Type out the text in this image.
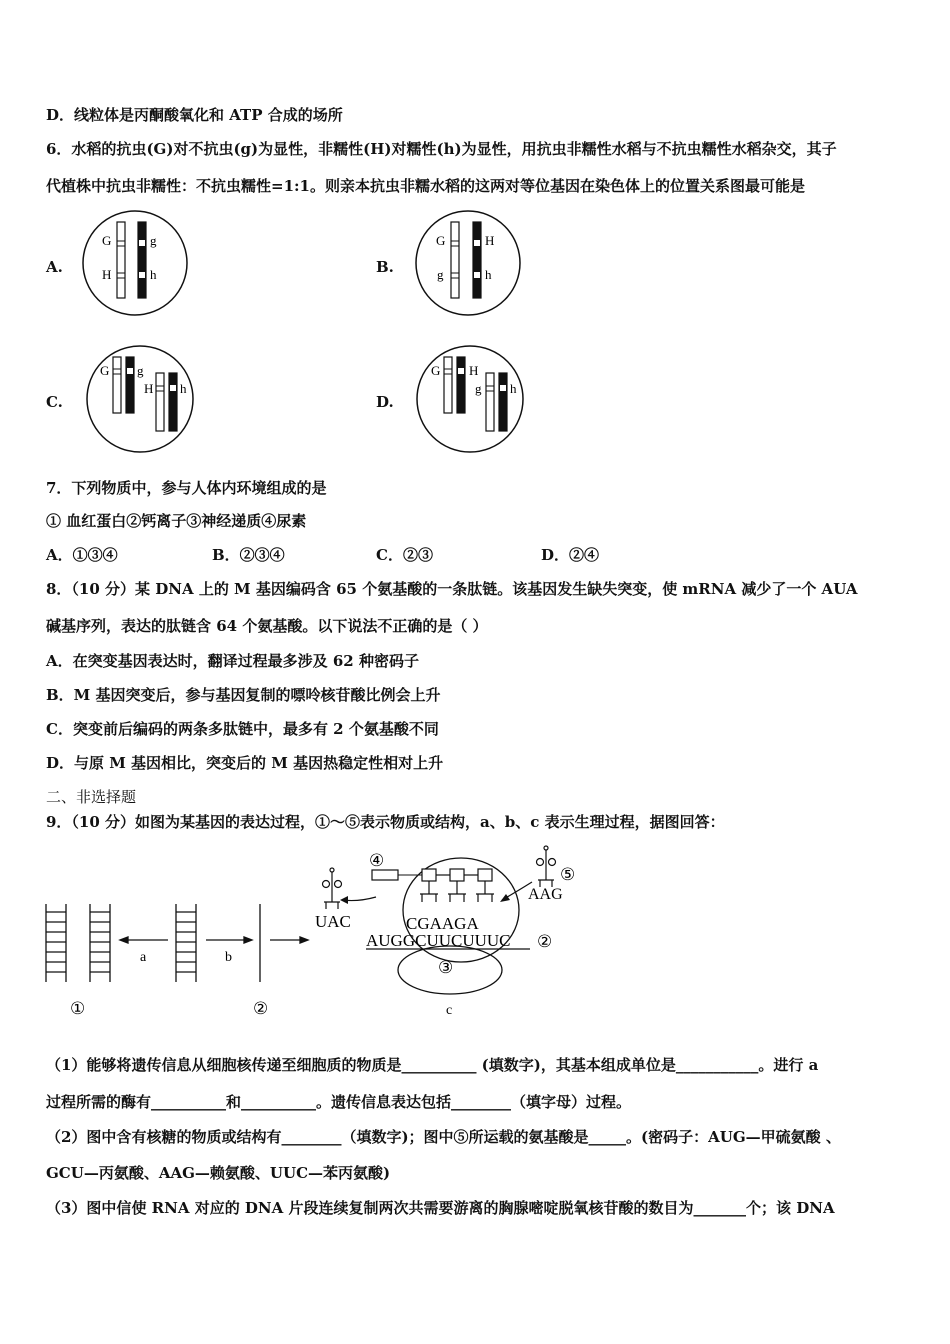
D．线粒体是丙酮酸氧化和 ATP 合成的场所
6．水稻的抗虫(G)对不抗虫(g)为显性，非糯性(H)对糯性(h)为显性，用抗虫非糯性水稻与不抗虫糯性水稻杂交，其子
代植株中抗虫非糯性：不抗虫糯性=1:1。则亲本抗虫非糯水稻的这两对等位基因在染色体上的位置关系图最可能是
A.
G	g
H	h	B.
G	H
g	h
C.
G g
H h
D.
G H
g h
7．下列物质中，参与人体内环境组成的是
① 血红蛋白②钙离子③神经递质④尿素
A．①③④	B．②③④	C．②③	D．②④
8．（10 分）某 DNA 上的 M 基因编码含 65 个氨基酸的一条肽链。该基因发生缺失突变，使 mRNA 减少了一个 AUA
碱基序列，表达的肽链含 64 个氨基酸。以下说法不正确的是（ ）
A．在突变基因表达时，翻译过程最多涉及 62 种密码子
B．M 基因突变后，参与基因复制的嘌呤核苷酸比例会上升
C．突变前后编码的两条多肽链中，最多有 2 个氨基酸不同
D．与原 M 基因相比，突变后的 M 基因热稳定性相对上升
二、非选择题
9．（10 分）如图为某基因的表达过程，①～⑤表示物质或结构，a、b、c 表示生理过程，据图回答：
a	b
①	②
④
UAC
⑤
AAG
CGAAGA
AUGGCUUCUUUC ②
③
c
（1）能够将遗传信息从细胞核传递至细胞质的物质是__________ (填数字)，其基本组成单位是___________。进行 a
过程所需的酶有__________和__________。遗传信息表达包括________（填字母）过程。
（2）图中含有核糖的物质或结构有________（填数字)；图中⑤所运载的氨基酸是_____。(密码子：AUG—甲硫氨酸 、
GCU—丙氨酸、AAG—赖氨酸、UUC—苯丙氨酸)
（3）图中信使 RNA 对应的 DNA 片段连续复制两次共需要游离的胸腺嘧啶脱氧核苷酸的数目为_______个；该 DNA
